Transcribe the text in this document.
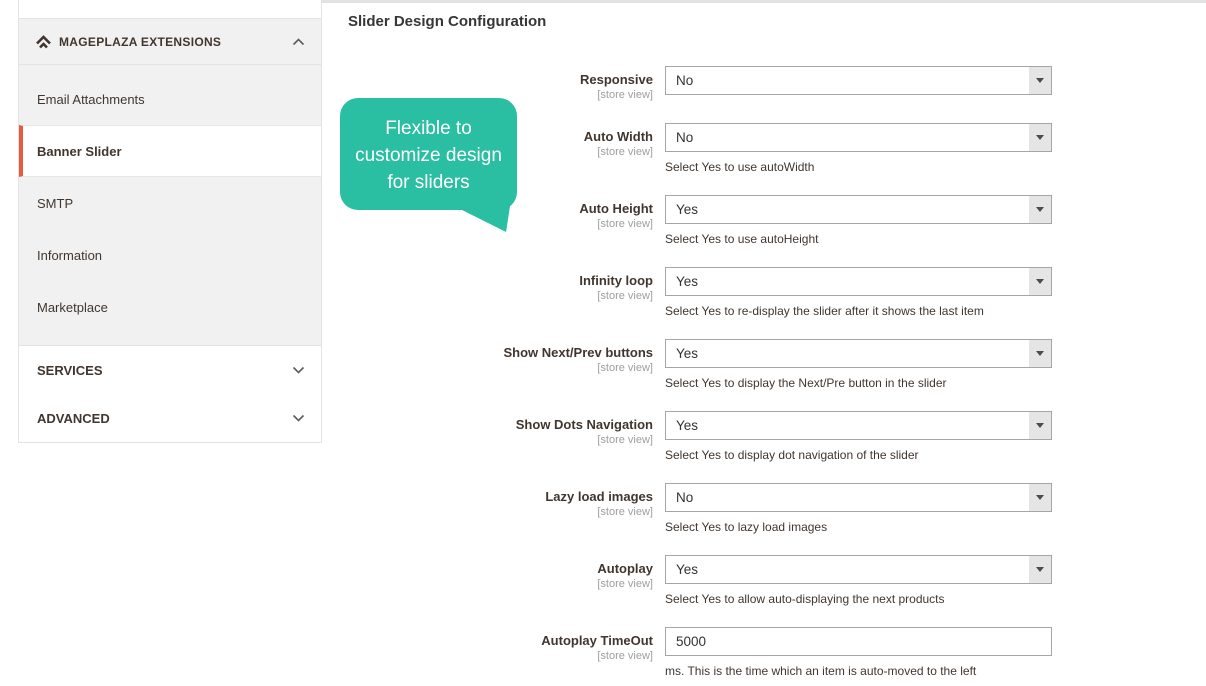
MAGEPLAZA EXTENSIONS
Email Attachments
Banner Slider
SMTP
Information
Marketplace
SERVICES
ADVANCED
Flexible to
customize design
for sliders
Slider Design Configuration
Responsive
[store view]
No
Auto Width
[store view]
No
Select Yes to use autoWidth
Auto Height
[store view]
Yes
Select Yes to use autoHeight
Infinity loop
[store view]
Yes
Select Yes to re-display the slider after it shows the last item
Show Next/Prev buttons
[store view]
Yes
Select Yes to display the Next/Pre button in the slider
Show Dots Navigation
[store view]
Yes
Select Yes to display dot navigation of the slider
Lazy load images
[store view]
No
Select Yes to lazy load images
Autoplay
[store view]
Yes
Select Yes to allow auto-displaying the next products
Autoplay TimeOut
[store view]
5000
ms. This is the time which an item is auto-moved to the left
